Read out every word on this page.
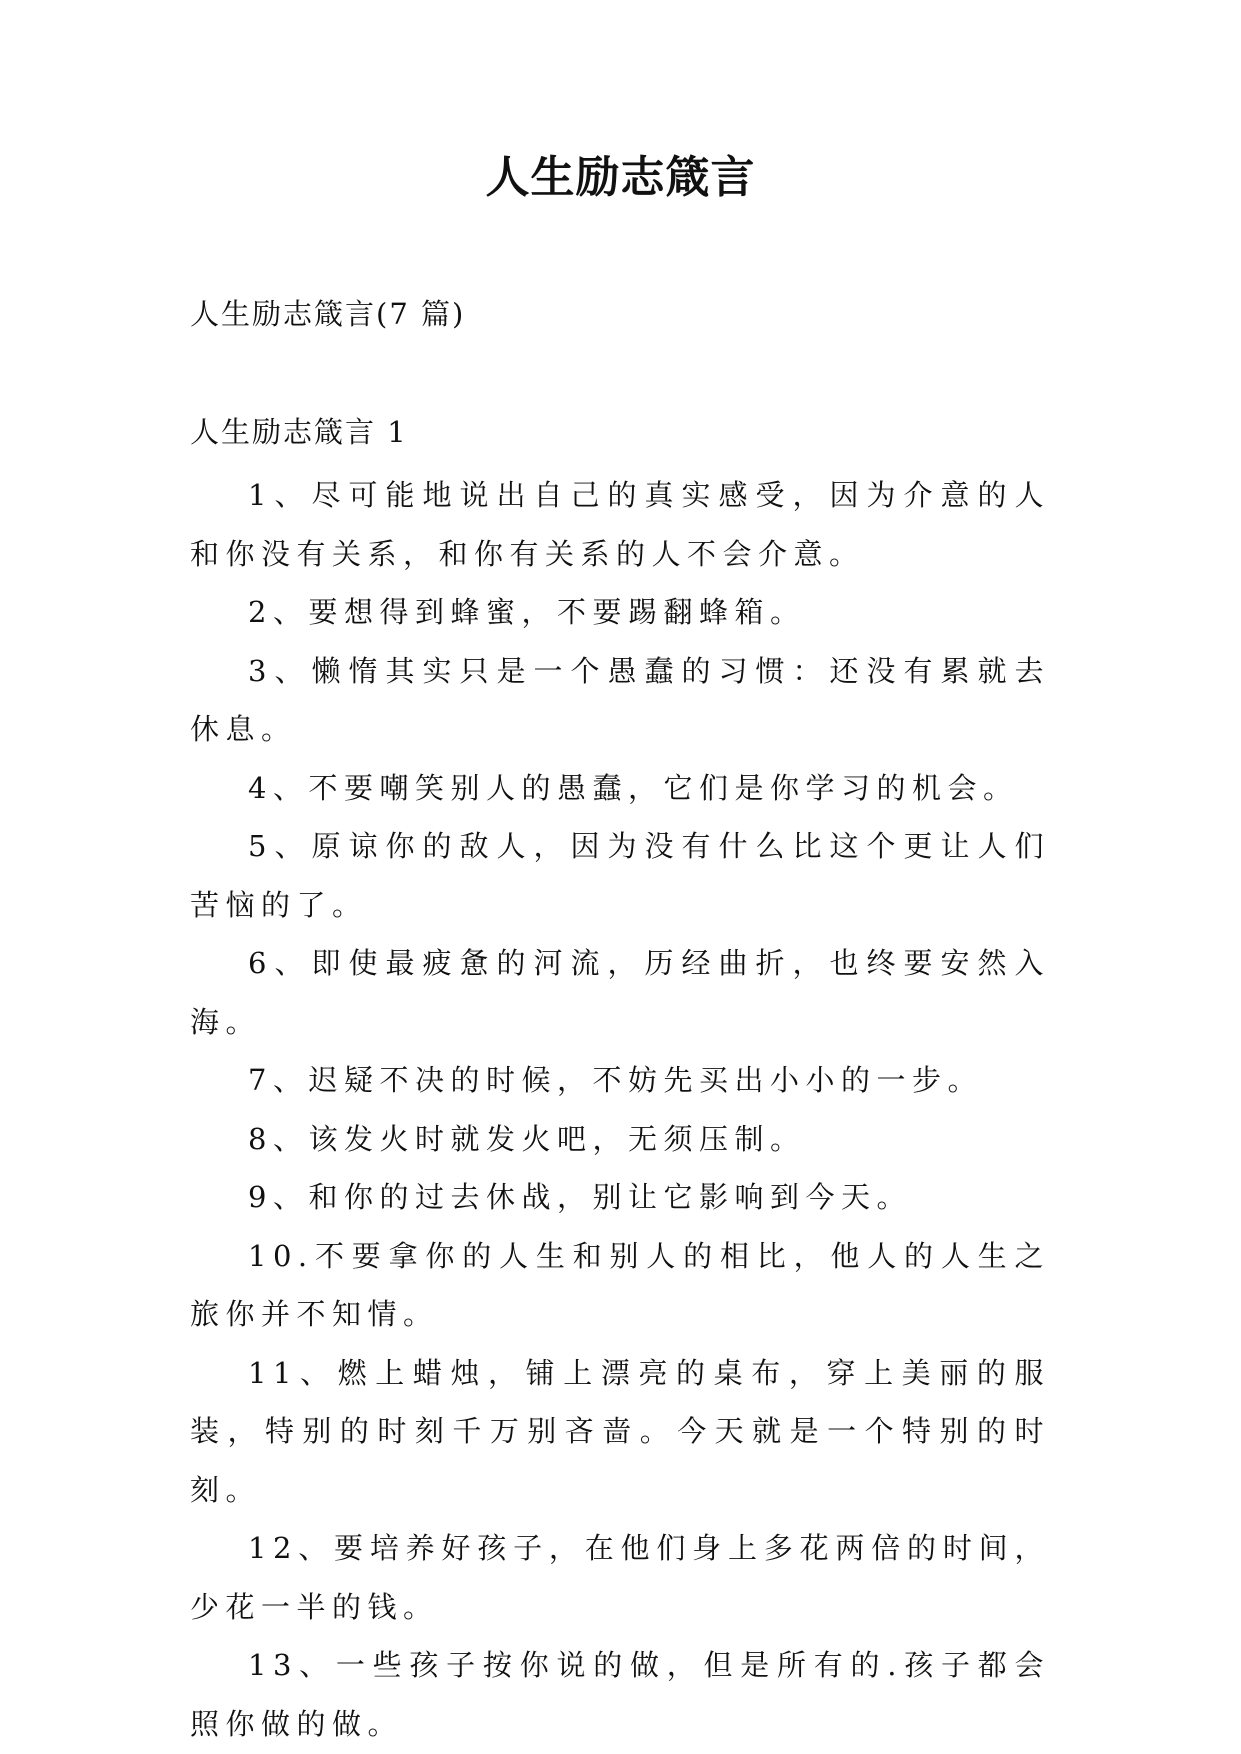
人生励志箴言
人生励志箴言(7 篇)
人生励志箴言 1

1、尽可能地说出自己的真实感受，因为介意的人和你没有关系，和你有关系的人不会介意。

2、要想得到蜂蜜，不要踢翻蜂箱。

3、懒惰其实只是一个愚蠢的习惯：还没有累就去休息。

4、不要嘲笑别人的愚蠢，它们是你学习的机会。

5、原谅你的敌人，因为没有什么比这个更让人们苦恼的了。

6、即使最疲惫的河流，历经曲折，也终要安然入海。

7、迟疑不决的时候，不妨先买出小小的一步。

8、该发火时就发火吧，无须压制。

9、和你的过去休战，别让它影响到今天。

10.不要拿你的人生和别人的相比，他人的人生之旅你并不知情。

11、燃上蜡烛，铺上漂亮的桌布，穿上美丽的服装，特别的时刻千万别吝啬。今天就是一个特别的时刻。

12、要培养好孩子，在他们身上多花两倍的时间，少花一半的钱。

13、一些孩子按你说的做，但是所有的.孩子都会照你做的做。
